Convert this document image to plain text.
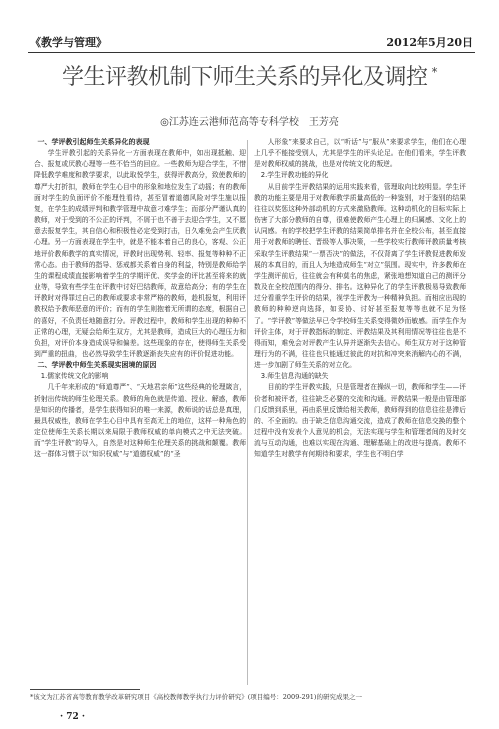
《教学与管理》	2012年5月20日
学生评教机制下师生关系的异化及调控 *
◎江苏连云港师范高等专科学校　王芳亮

一、学评教引起师生关系异化的表现

学生评教引起的关系异化一方面表现在教师中，如出现抵触、迎合、报复或厌教心理等一些不恰当的回应。一些教师为迎合学生，不惜降低教学难度和教学要求，以此取悦学生，获得评教高分，致使教师的尊严大打折扣，教师在学生心目中的形象和地位发生了动摇；有的教师面对学生的负面评价不能理性看待，甚至冒着道德风险对学生施以报复，在学生的成绩评判和教学管理中故意刁难学生；而部分严谨认真的教师，对于受到的不公正的评判，不屑于也不善于去迎合学生，又不愿意去报复学生，其自信心和积极性必定受到打击，日久难免会产生厌教心理。另一方面表现在学生中，就是不能本着自己的良心，客观、公正地评价教师教学的真实情况，评教时出现势利、轻率、报复等种种不正常心态。由于教师的指导、惩戒都关系着自身的利益，特别是教师给学生的课程成绩直接影响着学生的学期评优、奖学金的评比甚至将来的就业等，导致有些学生在评教中讨好巴结教师，故意给高分；有的学生在评教时对得罪过自己的教师或要求非常严格的教师，趁机报复，利用评教权给予教师恶意的评价；而有的学生则抱着无所谓的态度，根据自己的喜好，不负责任地随意打分。评教过程中，教师和学生出现的种种不正常的心理，无疑会给师生双方，尤其是教师，造成巨大的心理压力和负担，对评价本身造成误导和偏差。这些现象的存在，使得师生关系受到严重的扭曲，也必然导致学生评教逐渐丧失应有的评价促进功能。

二、学评教中师生关系现实困境的原因

1.儒家传统文化的影响

几千年来形成的“师道尊严”、“天地君亲师”这些经典的伦理箴言，折射出传统的师生伦理关系。教师的角色就是传道、授业、解惑，教师是知识的传播者，是学生获得知识的唯一来源，教师说的话总是真理，最具权威性，教师在学生心目中具有至高无上的地位，这样一种角色的定位使师生关系长期以来局限于教师权威的单向模式之中无法突破。而“学生评教”的导入，自然是对这种师生伦理关系的挑战和颠覆。教师这一群体习惯于以“知识权威”与“道德权威”的“圣

人形象”来要求自己，以“听话”与“服从”来要求学生，他们在心理上几乎不能接受别人，尤其是学生的评头论足。在他们看来，学生评教是对教师权威的挑战，也是对传统文化的叛逆。

2.学生评教功能的异化

从目前学生评教结果的运用实践来看，管理取向比较明显。学生评教的功能主要是用于对教师教学质量高低的一种鉴别，对于鉴别的结果往往以奖惩这种外部动机的方式来激励教师。这种动机化的目标实际上伤害了大部分教师的自尊，很难使教师产生心理上的归属感、文化上的认同感。有的学校把学生评教的结果简单排名并在全校公布，甚至直接用于对教师的聘任、晋级等人事决策，一些学校实行教师评教质量考核采取学生评教结果“一票否决”的做法，不仅背离了学生评教促进教师发展的本真目的，而且人为地造成师生“对立”氛围。现实中，许多教师在学生测评前后，往往就会有种莫名的焦虑，紧张地想知道自己的测评分数及在全校范围内的得分、排名。这种异化了的学生评教极易导致教师过分看重学生评价的结果，视学生评教为一种精神负担。而相应出现的教师的种种逆向选择，如妥协、讨好甚至报复等等也就不足为怪了。“学评教”等做法早已令学校师生关系变得微妙而敏感。而学生作为评价主体，对于评教指标的制定、评教结果及其利用情况等往往也是不得而知，难免会对评教产生认异并逐渐失去信心。师生双方对于这种管理行为的不满，往往也只能通过彼此的对抗和冲突来消解内心的不满，进一步加剧了师生关系的对立化。

3.师生信息沟通的缺失

目前的学生评教实践，只是管理者在操纵一切，教师和学生——评价者和被评者，往往缺乏必要的交流和沟通。评教结果一般是由管理部门反馈到系里，再由系里反馈给相关教师，教师得到的信息往往是滞后的、不全面的。由于缺乏信息沟通交流，造成了教师在信息交换的整个过程中没有发表个人意见的机会，无法实现与学生和管理者间的及时交流与互动沟通，也难以实现在沟通、理解基础上的改进与提高。教师不知道学生对教学有何期待和要求，学生也不明白学

*该文为江苏省高等教育教学改革研究项目《高校教师教学执行力评价研究》(项目编号：2009-291)的研究成果之一
· 72 ·
